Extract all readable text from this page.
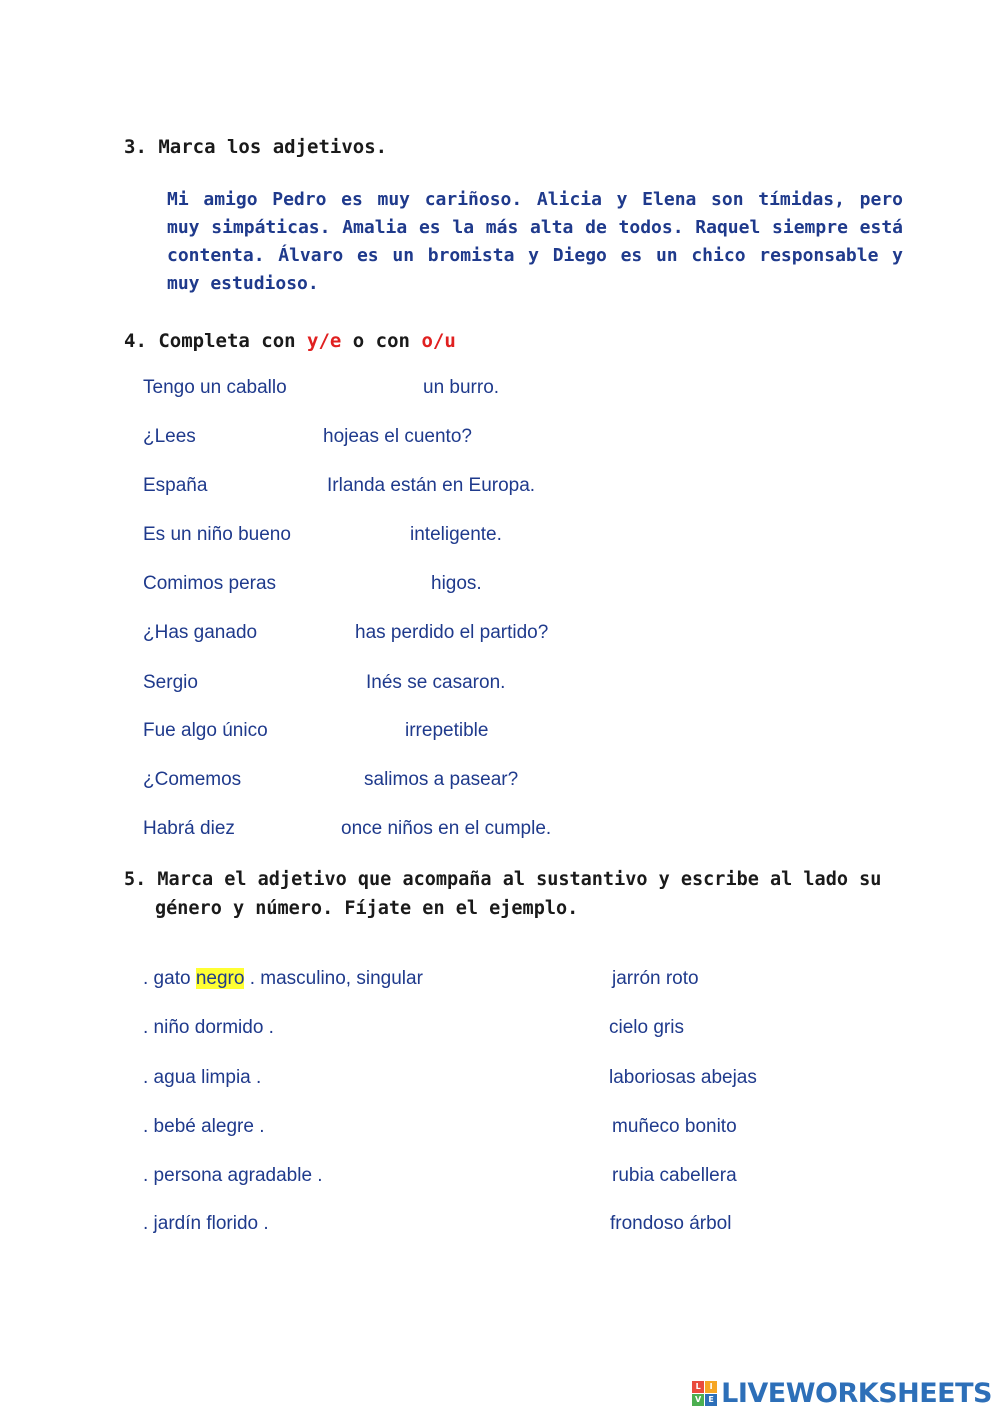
3. Marca los adjetivos.
Mi amigo Pedro es muy cariñoso. Alicia y Elena son tímidas, pero muy simpáticas. Amalia es la más alta de todos. Raquel siempre está contenta. Álvaro es un bromista y Diego es un chico responsable y muy estudioso.
4. Completa con y/e o con o/u
Tengo un caballo	un burro.
¿Lees	hojeas el cuento?
España	Irlanda están en Europa.
Es un niño bueno	inteligente.
Comimos peras	higos.
¿Has ganado	has perdido el partido?
Sergio	Inés se casaron.
Fue algo único	irrepetible
¿Comemos	salimos a pasear?
Habrá diez	once niños en el cumple.
5. Marca el adjetivo que acompaña al sustantivo y escribe al lado su
género y número. Fíjate en el ejemplo.
. gato negro . masculino, singular	jarrón roto
. niño dormido .	cielo gris
. agua limpia .	laboriosas abejas
. bebé alegre .	muñeco bonito
. persona agradable .	rubia cabellera
. jardín florido .	frondoso árbol
L	I
V E LIVEWORKSHEETS
